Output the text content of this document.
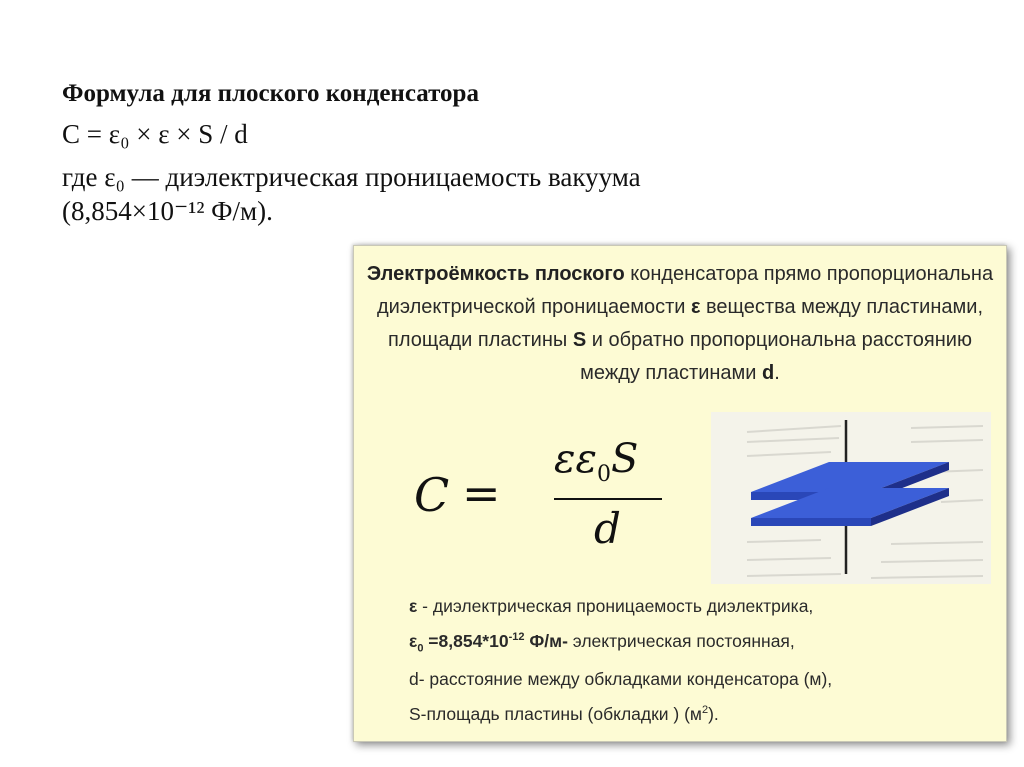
Формула для плоского конденсатора
C = ε₀ × ε × S / d
где ε₀ — диэлектрическая проницаемость вакуума
(8,854×10⁻¹² Ф/м).
Электроёмкость плоского конденсатора прямо пропорциональна диэлектрической проницаемости ε вещества между пластинами, площади пластины S и обратно пропорциональна расстоянию между пластинами d.
C =
$\varepsilon\varepsilon_0S$
d
ε - диэлектрическая проницаемость диэлектрика,
$\varepsilon_0 =8,854*10^{-12}$ Ф/м- электрическая постоянная,
d- расстояние между обкладками конденсатора (м),
S-площадь пластины (обкладки ) $(м^2)$.
